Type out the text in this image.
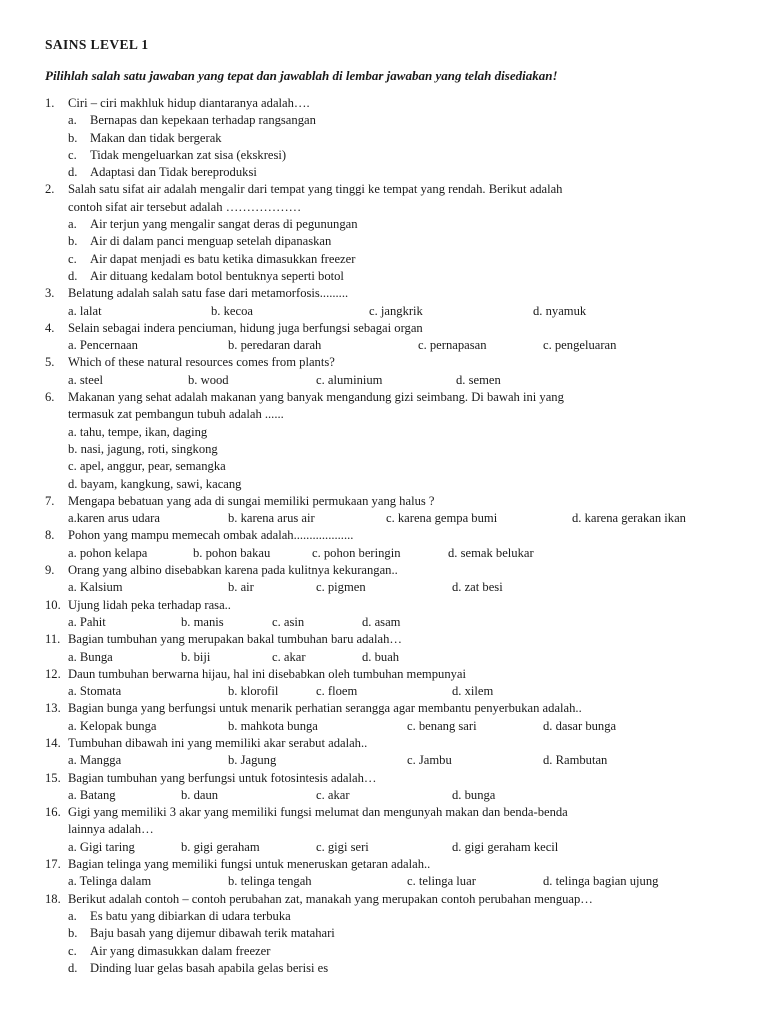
SAINS LEVEL 1
Pilihlah salah satu jawaban yang tepat dan jawablah di lembar jawaban yang telah disediakan!
1. Ciri – ciri makhluk hidup diantaranya adalah….
a. Bernapas dan kepekaan terhadap rangsangan
b. Makan dan tidak bergerak
c. Tidak mengeluarkan zat sisa (ekskresi)
d. Adaptasi dan Tidak bereproduksi
2. Salah satu sifat air adalah mengalir dari tempat yang tinggi ke tempat yang rendah. Berikut adalah
contoh sifat air tersebut adalah ………………
a. Air terjun yang mengalir sangat deras di pegunungan
b. Air di dalam panci menguap setelah dipanaskan
c. Air dapat menjadi es batu ketika dimasukkan freezer
d. Air dituang kedalam botol bentuknya seperti botol
3. Belatung adalah salah satu fase dari metamorfosis.........
a. lalat	b. kecoa	c. jangkrik	d. nyamuk
4. Selain sebagai indera penciuman, hidung juga berfungsi sebagai organ
a. Pencernaan	b. peredaran darah	c. pernapasan	c. pengeluaran
5. Which of these natural resources comes from plants?
a. steel	b. wood	c. aluminium	d. semen
6. Makanan yang sehat adalah makanan yang banyak mengandung gizi seimbang. Di bawah ini yang
termasuk zat pembangun tubuh adalah ......
a. tahu, tempe, ikan, daging
b. nasi, jagung, roti, singkong
c. apel, anggur, pear, semangka
d. bayam, kangkung, sawi, kacang
7. Mengapa bebatuan yang ada di sungai memiliki permukaan yang halus ?
a.karen arus udara	b. karena arus air	c. karena gempa bumi	d. karena gerakan ikan
8. Pohon yang mampu memecah ombak adalah...................
a. pohon kelapa	b. pohon bakau	c. pohon beringin	d. semak belukar
9. Orang yang albino disebabkan karena pada kulitnya kekurangan..
a. Kalsium	b. air	c. pigmen	d. zat besi
10. Ujung lidah peka terhadap rasa..
a. Pahit	b. manis	c. asin	d. asam
11. Bagian tumbuhan yang merupakan bakal tumbuhan baru adalah…
a. Bunga	b. biji	c. akar	d. buah
12. Daun tumbuhan berwarna hijau, hal ini disebabkan oleh tumbuhan mempunyai
a. Stomata	b. klorofil	c. floem	d. xilem
13. Bagian bunga yang berfungsi untuk menarik perhatian serangga agar membantu penyerbukan adalah..
a. Kelopak bunga	b. mahkota bunga	c. benang sari	d. dasar bunga
14. Tumbuhan dibawah ini yang memiliki akar serabut adalah..
a. Mangga	b. Jagung	c. Jambu	d. Rambutan
15. Bagian tumbuhan yang berfungsi untuk fotosintesis adalah…
a. Batang	b. daun	c. akar	d. bunga
16. Gigi yang memiliki 3 akar yang memiliki fungsi melumat dan mengunyah makan dan benda-benda
lainnya adalah…
a. Gigi taring	b. gigi geraham	c. gigi seri	d. gigi geraham kecil
17. Bagian telinga yang memiliki fungsi untuk meneruskan getaran adalah..
a. Telinga dalam	b. telinga tengah	c. telinga luar	d. telinga bagian ujung
18. Berikut adalah contoh – contoh perubahan zat, manakah yang merupakan contoh perubahan menguap…
a. Es batu yang dibiarkan di udara terbuka
b. Baju basah yang dijemur dibawah terik matahari
c. Air yang dimasukkan dalam freezer
d. Dinding luar gelas basah apabila gelas berisi es
